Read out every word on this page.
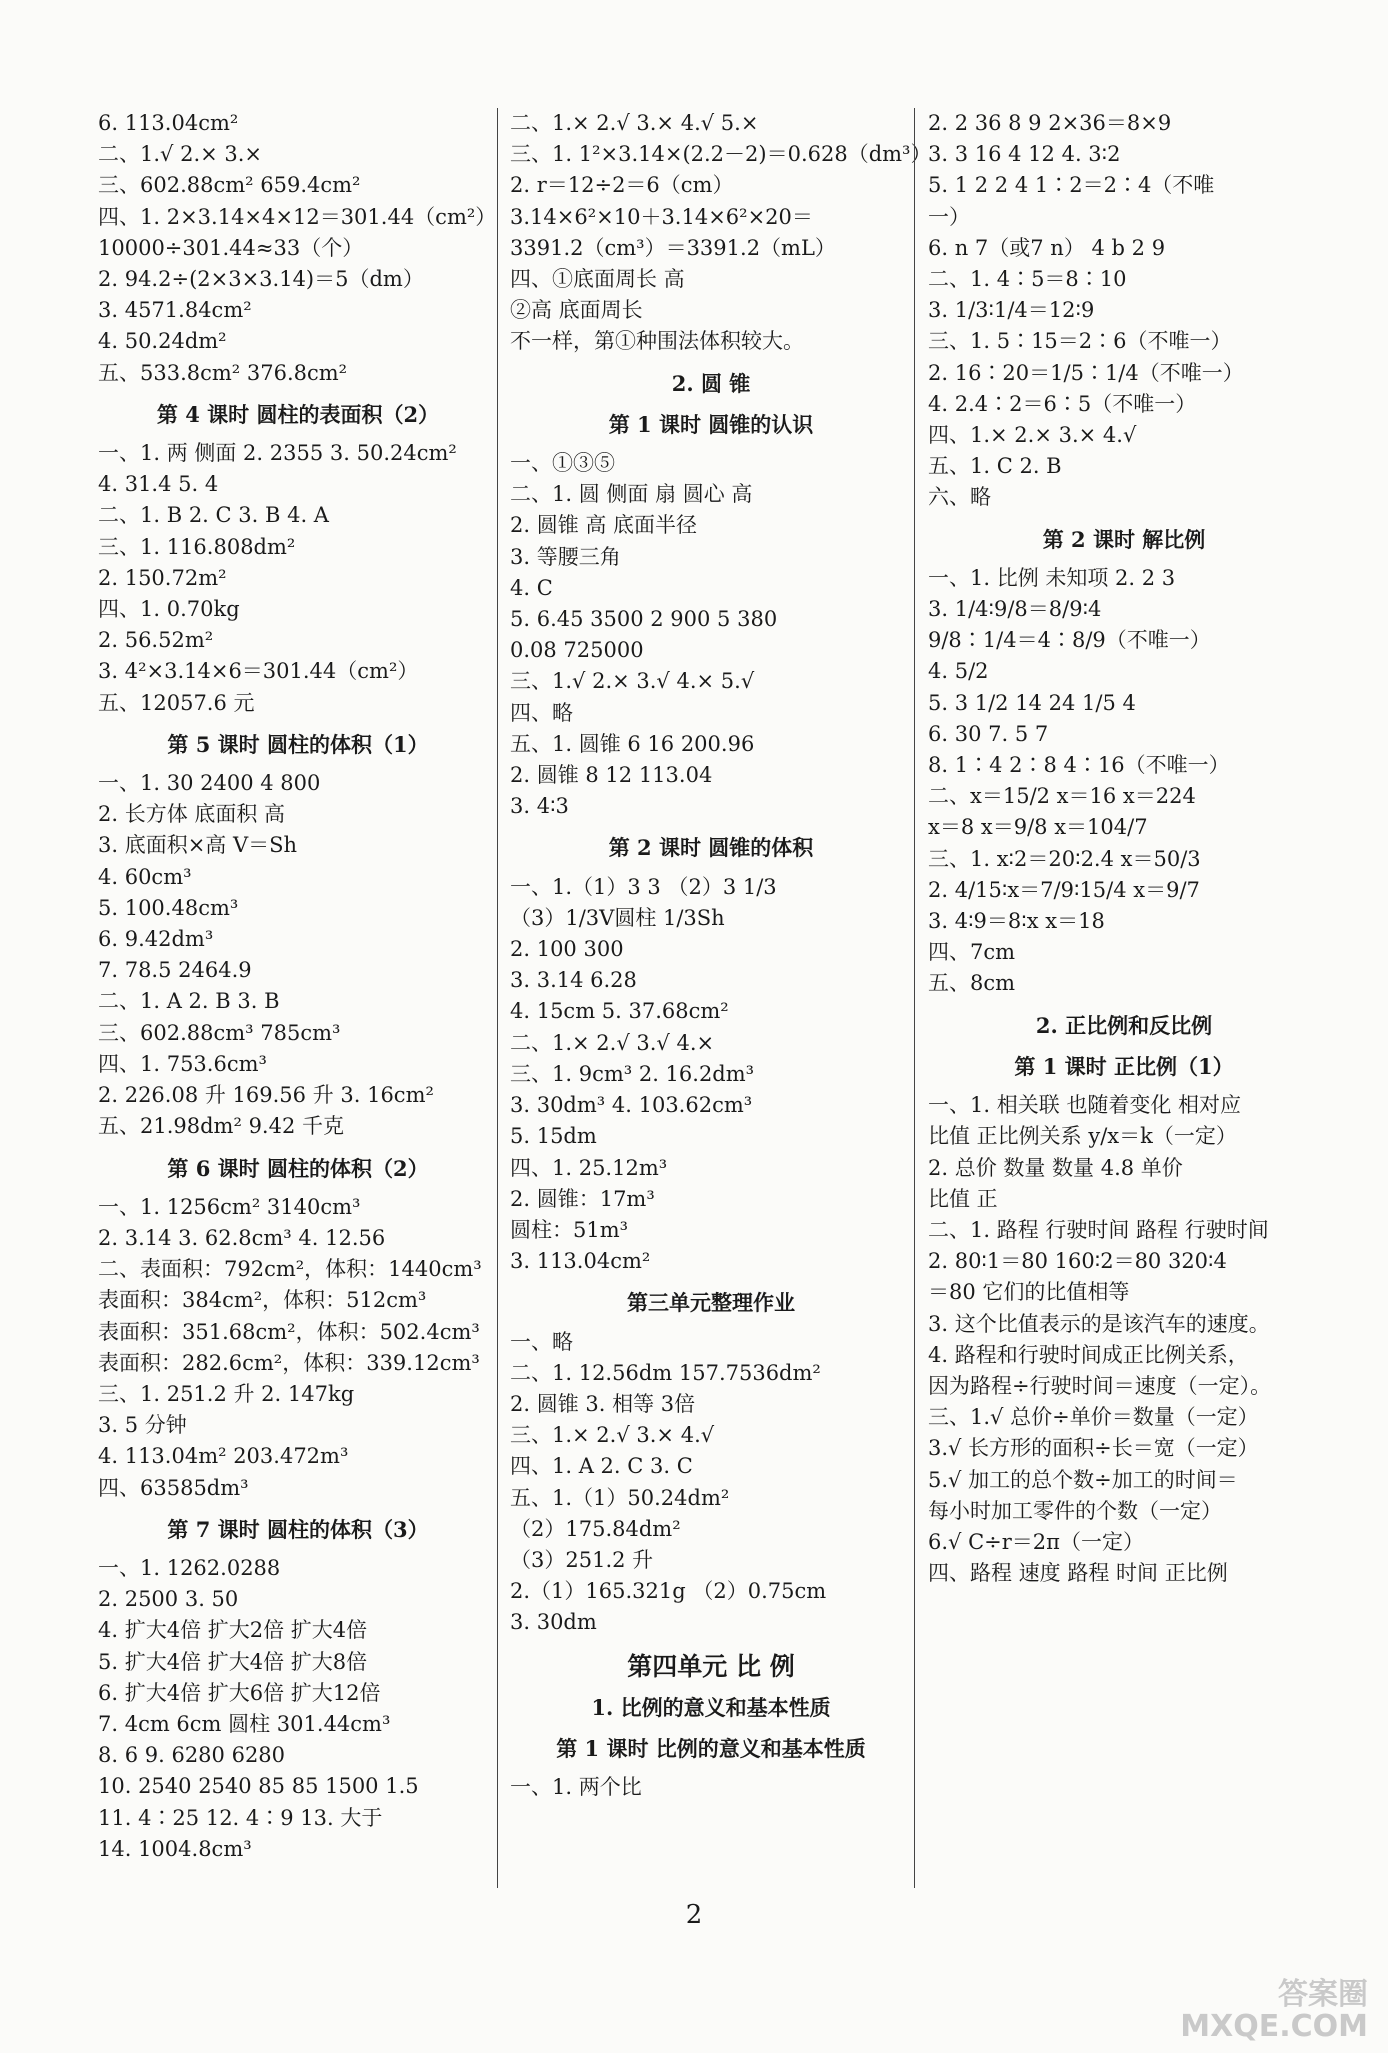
6. 113.04cm²
二、1.√ 2.× 3.×
三、602.88cm² 659.4cm²
四、1. 2×3.14×4×12＝301.44（cm²）
10000÷301.44≈33（个）
2. 94.2÷(2×3×3.14)＝5（dm）
3. 4571.84cm²
4. 50.24dm²
五、533.8cm² 376.8cm²
第 4 课时 圆柱的表面积（2）
一、1. 两 侧面 2. 2355 3. 50.24cm²
4. 31.4 5. 4
二、1. B 2. C 3. B 4. A
三、1. 116.808dm²
2. 150.72m²
四、1. 0.70kg
2. 56.52m²
3. 4²×3.14×6＝301.44（cm²）
五、12057.6 元
第 5 课时 圆柱的体积（1）
一、1. 30 2400 4 800
2. 长方体 底面积 高
3. 底面积×高 V＝Sh
4. 60cm³
5. 100.48cm³
6. 9.42dm³
7. 78.5 2464.9
二、1. A 2. B 3. B
三、602.88cm³ 785cm³
四、1. 753.6cm³
2. 226.08 升 169.56 升 3. 16cm²
五、21.98dm² 9.42 千克
第 6 课时 圆柱的体积（2）
一、1. 1256cm² 3140cm³
2. 3.14 3. 62.8cm³ 4. 12.56
二、表面积：792cm²，体积：1440cm³
表面积：384cm²，体积：512cm³
表面积：351.68cm²，体积：502.4cm³
表面积：282.6cm²，体积：339.12cm³
三、1. 251.2 升 2. 147kg
3. 5 分钟
4. 113.04m² 203.472m³
四、63585dm³
第 7 课时 圆柱的体积（3）
一、1. 1262.0288
2. 2500 3. 50
4. 扩大4倍 扩大2倍 扩大4倍
5. 扩大4倍 扩大4倍 扩大8倍
6. 扩大4倍 扩大6倍 扩大12倍
7. 4cm 6cm 圆柱 301.44cm³
8. 6 9. 6280 6280
10. 2540 2540 85 85 1500 1.5
11. 4∶25 12. 4∶9 13. 大于
14. 1004.8cm³
二、1.× 2.√ 3.× 4.√ 5.×
三、1. 1²×3.14×(2.2－2)＝0.628（dm³）
2. r＝12÷2＝6（cm）
3.14×6²×10＋3.14×6²×20＝
3391.2（cm³）＝3391.2（mL）
四、①底面周长 高
②高 底面周长
不一样，第①种围法体积较大。
2. 圆 锥
第 1 课时 圆锥的认识
一、①③⑤
二、1. 圆 侧面 扇 圆心 高
2. 圆锥 高 底面半径
3. 等腰三角
4. C
5. 6.45 3500 2 900 5 380
0.08 725000
三、1.√ 2.× 3.√ 4.× 5.√
四、略
五、1. 圆锥 6 16 200.96
2. 圆锥 8 12 113.04
3. 4∶3
第 2 课时 圆锥的体积
一、1.（1）3 3 （2）3 1/3
（3）1/3V圆柱 1/3Sh
2. 100 300
3. 3.14 6.28
4. 15cm 5. 37.68cm²
二、1.× 2.√ 3.√ 4.×
三、1. 9cm³ 2. 16.2dm³
3. 30dm³ 4. 103.62cm³
5. 15dm
四、1. 25.12m³
2. 圆锥：17m³
圆柱：51m³
3. 113.04cm²
第三单元整理作业
一、略
二、1. 12.56dm 157.7536dm²
2. 圆锥 3. 相等 3倍
三、1.× 2.√ 3.× 4.√
四、1. A 2. C 3. C
五、1.（1）50.24dm²
（2）175.84dm²
（3）251.2 升
2.（1）165.321g （2）0.75cm
3. 30dm
第四单元 比 例
1. 比例的意义和基本性质
第 1 课时 比例的意义和基本性质
一、1. 两个比
2. 2 36 8 9 2×36＝8×9
3. 3 16 4 12 4. 3∶2
5. 1 2 2 4 1∶2＝2∶4（不唯
一）
6. n 7（或7 n） 4 b 2 9
二、1. 4∶5＝8∶10
3. 1/3∶1/4＝12∶9
三、1. 5∶15＝2∶6（不唯一）
2. 16∶20＝1/5∶1/4（不唯一）
4. 2.4∶2＝6∶5（不唯一）
四、1.× 2.× 3.× 4.√
五、1. C 2. B
六、略
第 2 课时 解比例
一、1. 比例 未知项 2. 2 3
3. 1/4∶9/8＝8/9∶4
9/8∶1/4＝4∶8/9（不唯一）
4. 5/2
5. 3 1/2 14 24 1/5 4
6. 30 7. 5 7
8. 1∶4 2∶8 4∶16（不唯一）
二、x＝15/2 x＝16 x＝224
x＝8 x＝9/8 x＝104/7
三、1. x∶2＝20∶2.4 x＝50/3
2. 4/15∶x＝7/9∶15/4 x＝9/7
3. 4∶9＝8∶x x＝18
四、7cm
五、8cm
2. 正比例和反比例
第 1 课时 正比例（1）
一、1. 相关联 也随着变化 相对应
比值 正比例关系 y/x＝k（一定）
2. 总价 数量 数量 4.8 单价
比值 正
二、1. 路程 行驶时间 路程 行驶时间
2. 80∶1＝80 160∶2＝80 320∶4
＝80 它们的比值相等
3. 这个比值表示的是该汽车的速度。
4. 路程和行驶时间成正比例关系，
因为路程÷行驶时间＝速度（一定）。
三、1.√ 总价÷单价＝数量（一定）
3.√ 长方形的面积÷长＝宽（一定）
5.√ 加工的总个数÷加工的时间＝
每小时加工零件的个数（一定）
6.√ C÷r＝2π（一定）
四、路程 速度 路程 时间 正比例
2
答案圈
MXQE.COM
